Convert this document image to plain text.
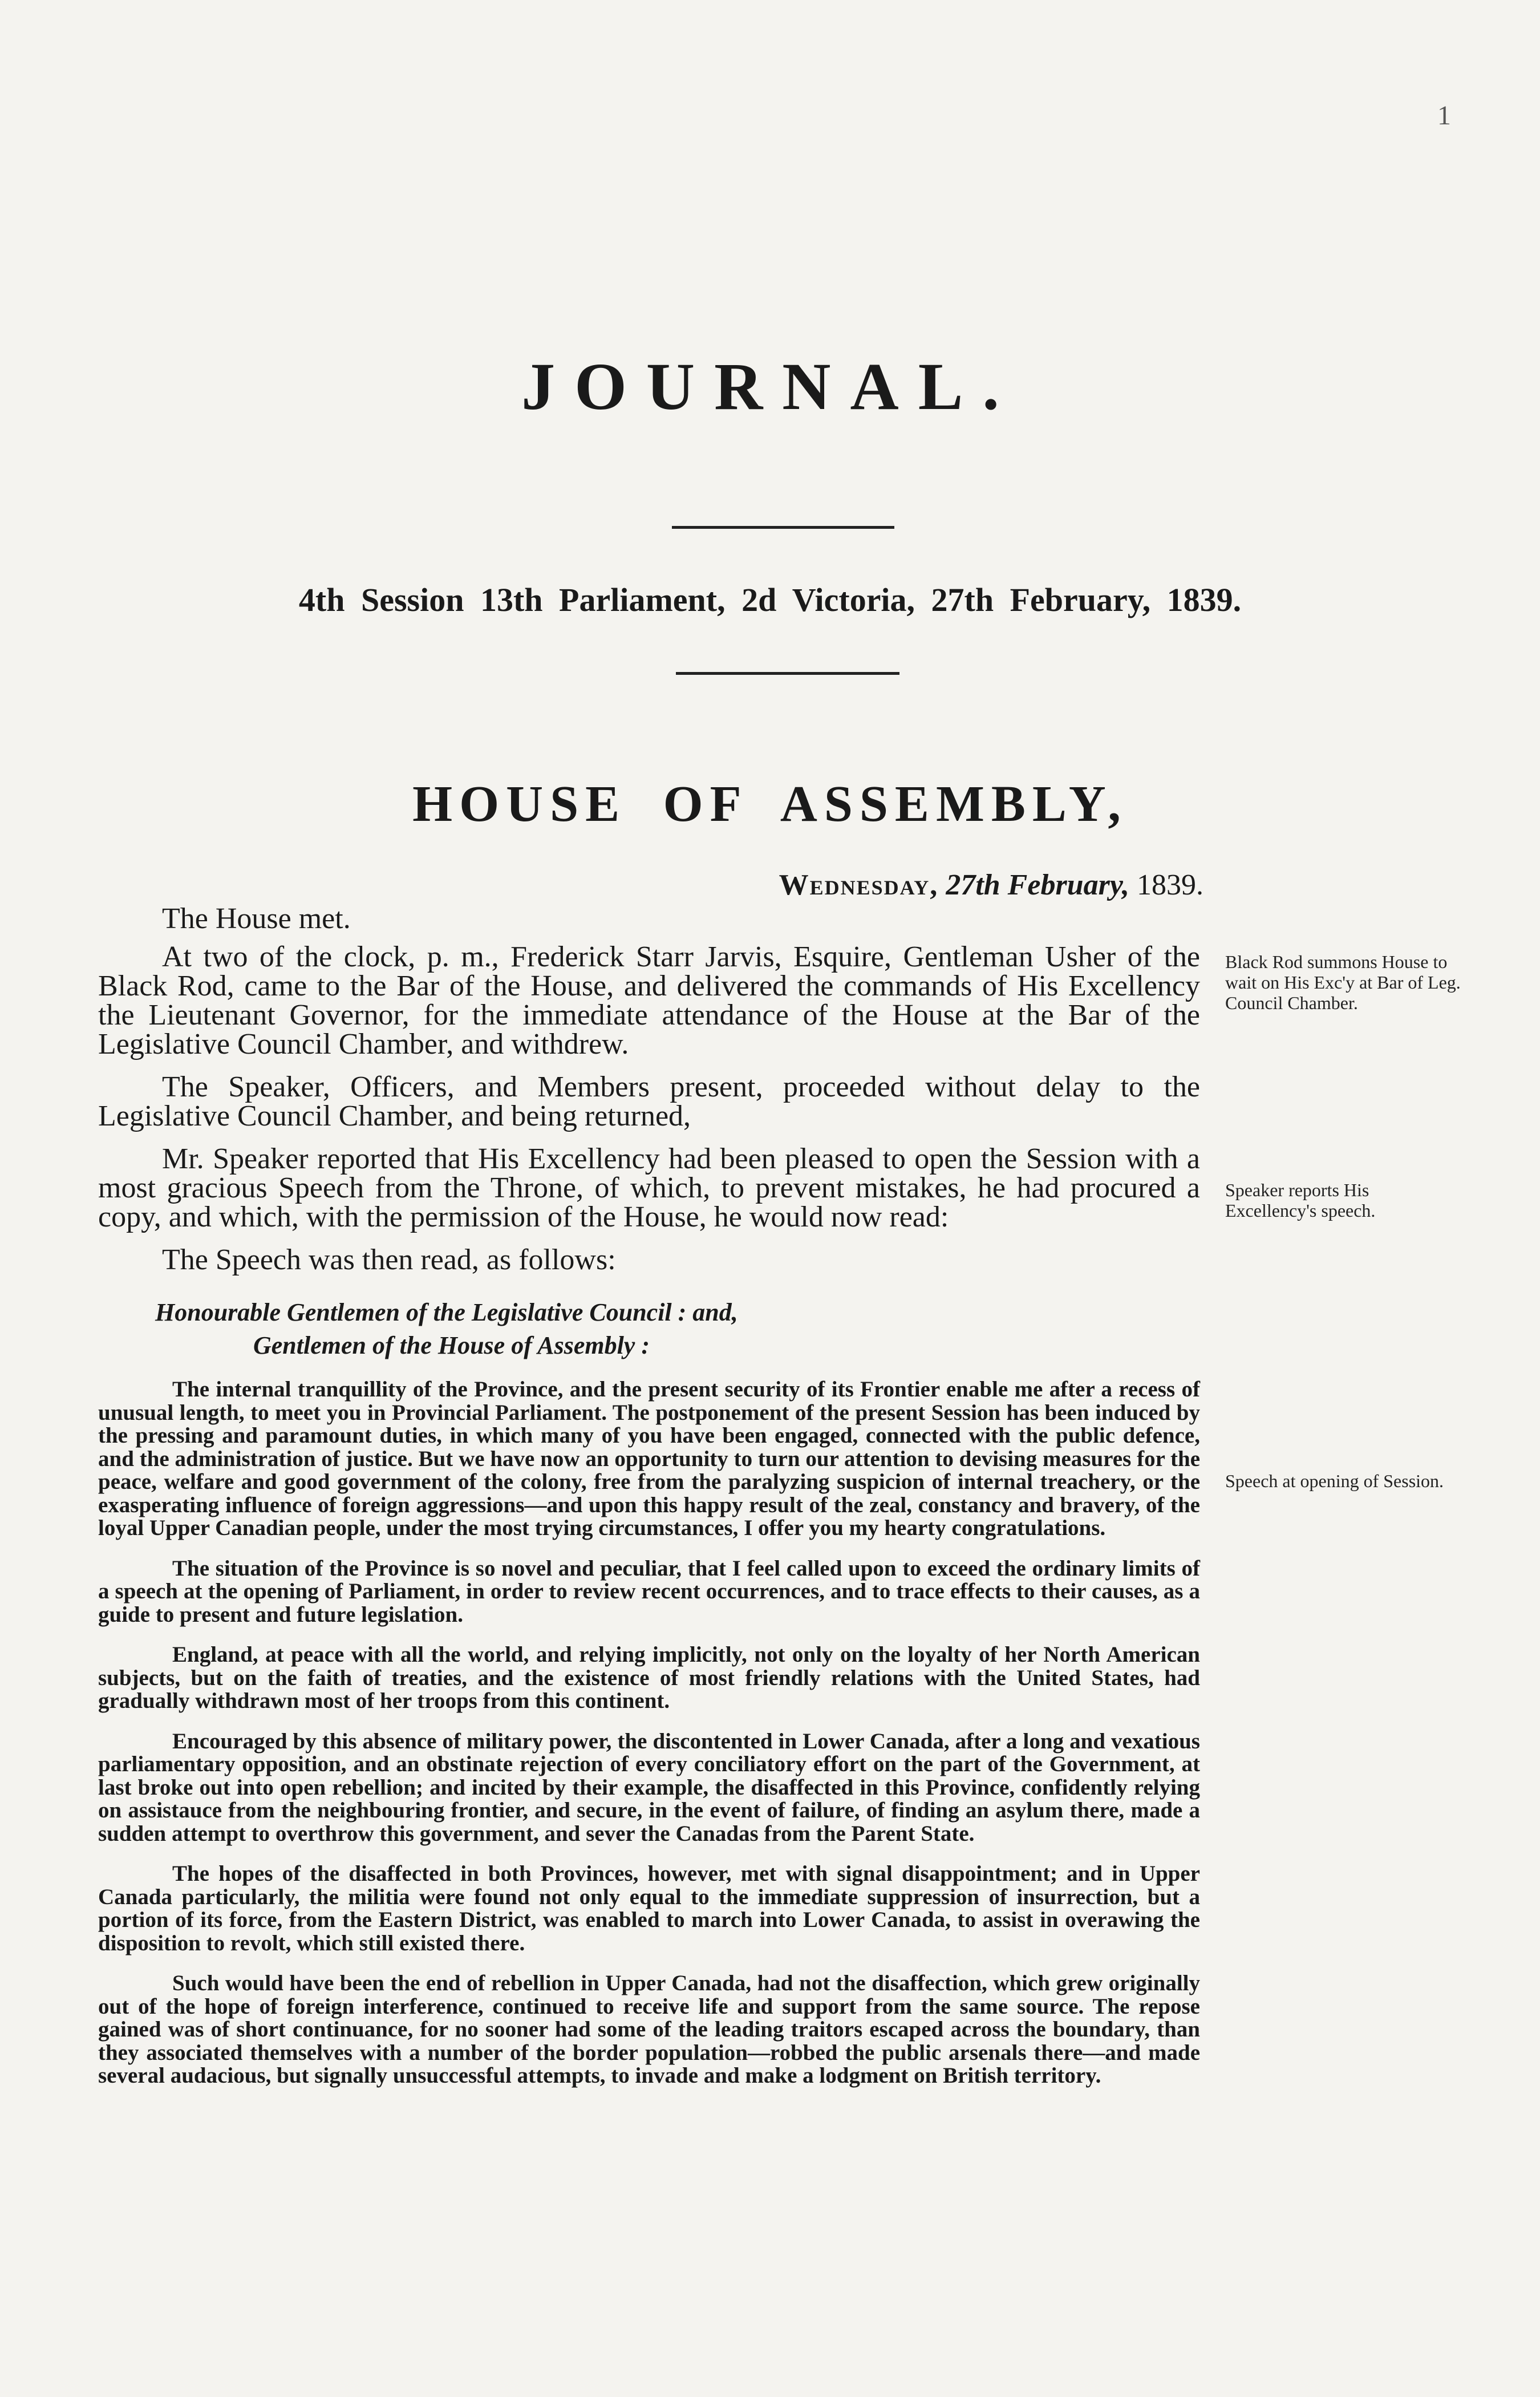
1
JOURNAL.
4th Session 13th Parliament, 2d Victoria, 27th February, 1839.
HOUSE OF ASSEMBLY,
Wednesday, 27th February, 1839.

The House met.

At two of the clock, p. m., Frederick Starr Jarvis, Esquire, Gentleman Usher of the Black Rod, came to the Bar of the House, and delivered the commands of His Excellency the Lieutenant Governor, for the immediate attendance of the House at the Bar of the Legislative Council Chamber, and withdrew.

The Speaker, Officers, and Members present, proceeded without delay to the Legislative Council Chamber, and being returned,

Mr. Speaker reported that His Excellency had been pleased to open the Session with a most gracious Speech from the Throne, of which, to prevent mistakes, he had procured a copy, and which, with the permission of the House, he would now read:

The Speech was then read, as follows:

Honourable Gentlemen of the Legislative Council : and,
Gentlemen of the House of Assembly :

The internal tranquillity of the Province, and the present security of its Frontier enable me after a recess of unusual length, to meet you in Provincial Parliament. The postponement of the present Session has been induced by the pressing and paramount duties, in which many of you have been engaged, connected with the public defence, and the administration of justice. But we have now an opportunity to turn our attention to devising measures for the peace, welfare and good government of the colony, free from the paralyzing suspicion of internal treachery, or the exasperating influence of foreign aggressions—and upon this happy result of the zeal, constancy and bravery, of the loyal Upper Canadian people, under the most trying circumstances, I offer you my hearty congratulations.

The situation of the Province is so novel and peculiar, that I feel called upon to exceed the ordinary limits of a speech at the opening of Parliament, in order to review recent occurrences, and to trace effects to their causes, as a guide to present and future legislation.

England, at peace with all the world, and relying implicitly, not only on the loyalty of her North American subjects, but on the faith of treaties, and the existence of most friendly relations with the United States, had gradually withdrawn most of her troops from this continent.

Encouraged by this absence of military power, the discontented in Lower Canada, after a long and vexatious parliamentary opposition, and an obstinate rejection of every conciliatory effort on the part of the Government, at last broke out into open rebellion; and incited by their example, the disaffected in this Province, confidently relying on assistauce from the neighbouring frontier, and secure, in the event of failure, of finding an asylum there, made a sudden attempt to overthrow this government, and sever the Canadas from the Parent State.

The hopes of the disaffected in both Provinces, however, met with signal disappointment; and in Upper Canada particularly, the militia were found not only equal to the immediate suppression of insurrection, but a portion of its force, from the Eastern District, was enabled to march into Lower Canada, to assist in overawing the disposition to revolt, which still existed there.

Such would have been the end of rebellion in Upper Canada, had not the disaffection, which grew originally out of the hope of foreign interference, continued to receive life and support from the same source. The repose gained was of short continuance, for no sooner had some of the leading traitors escaped across the boundary, than they associated themselves with a number of the border population—robbed the public arsenals there—and made several audacious, but signally unsuccessful attempts, to invade and make a lodgment on British territory.

Black Rod summons House to wait on His Exc'y at Bar of Leg. Council Chamber.
Speaker reports His Excellency's speech.
Speech at opening of Session.
